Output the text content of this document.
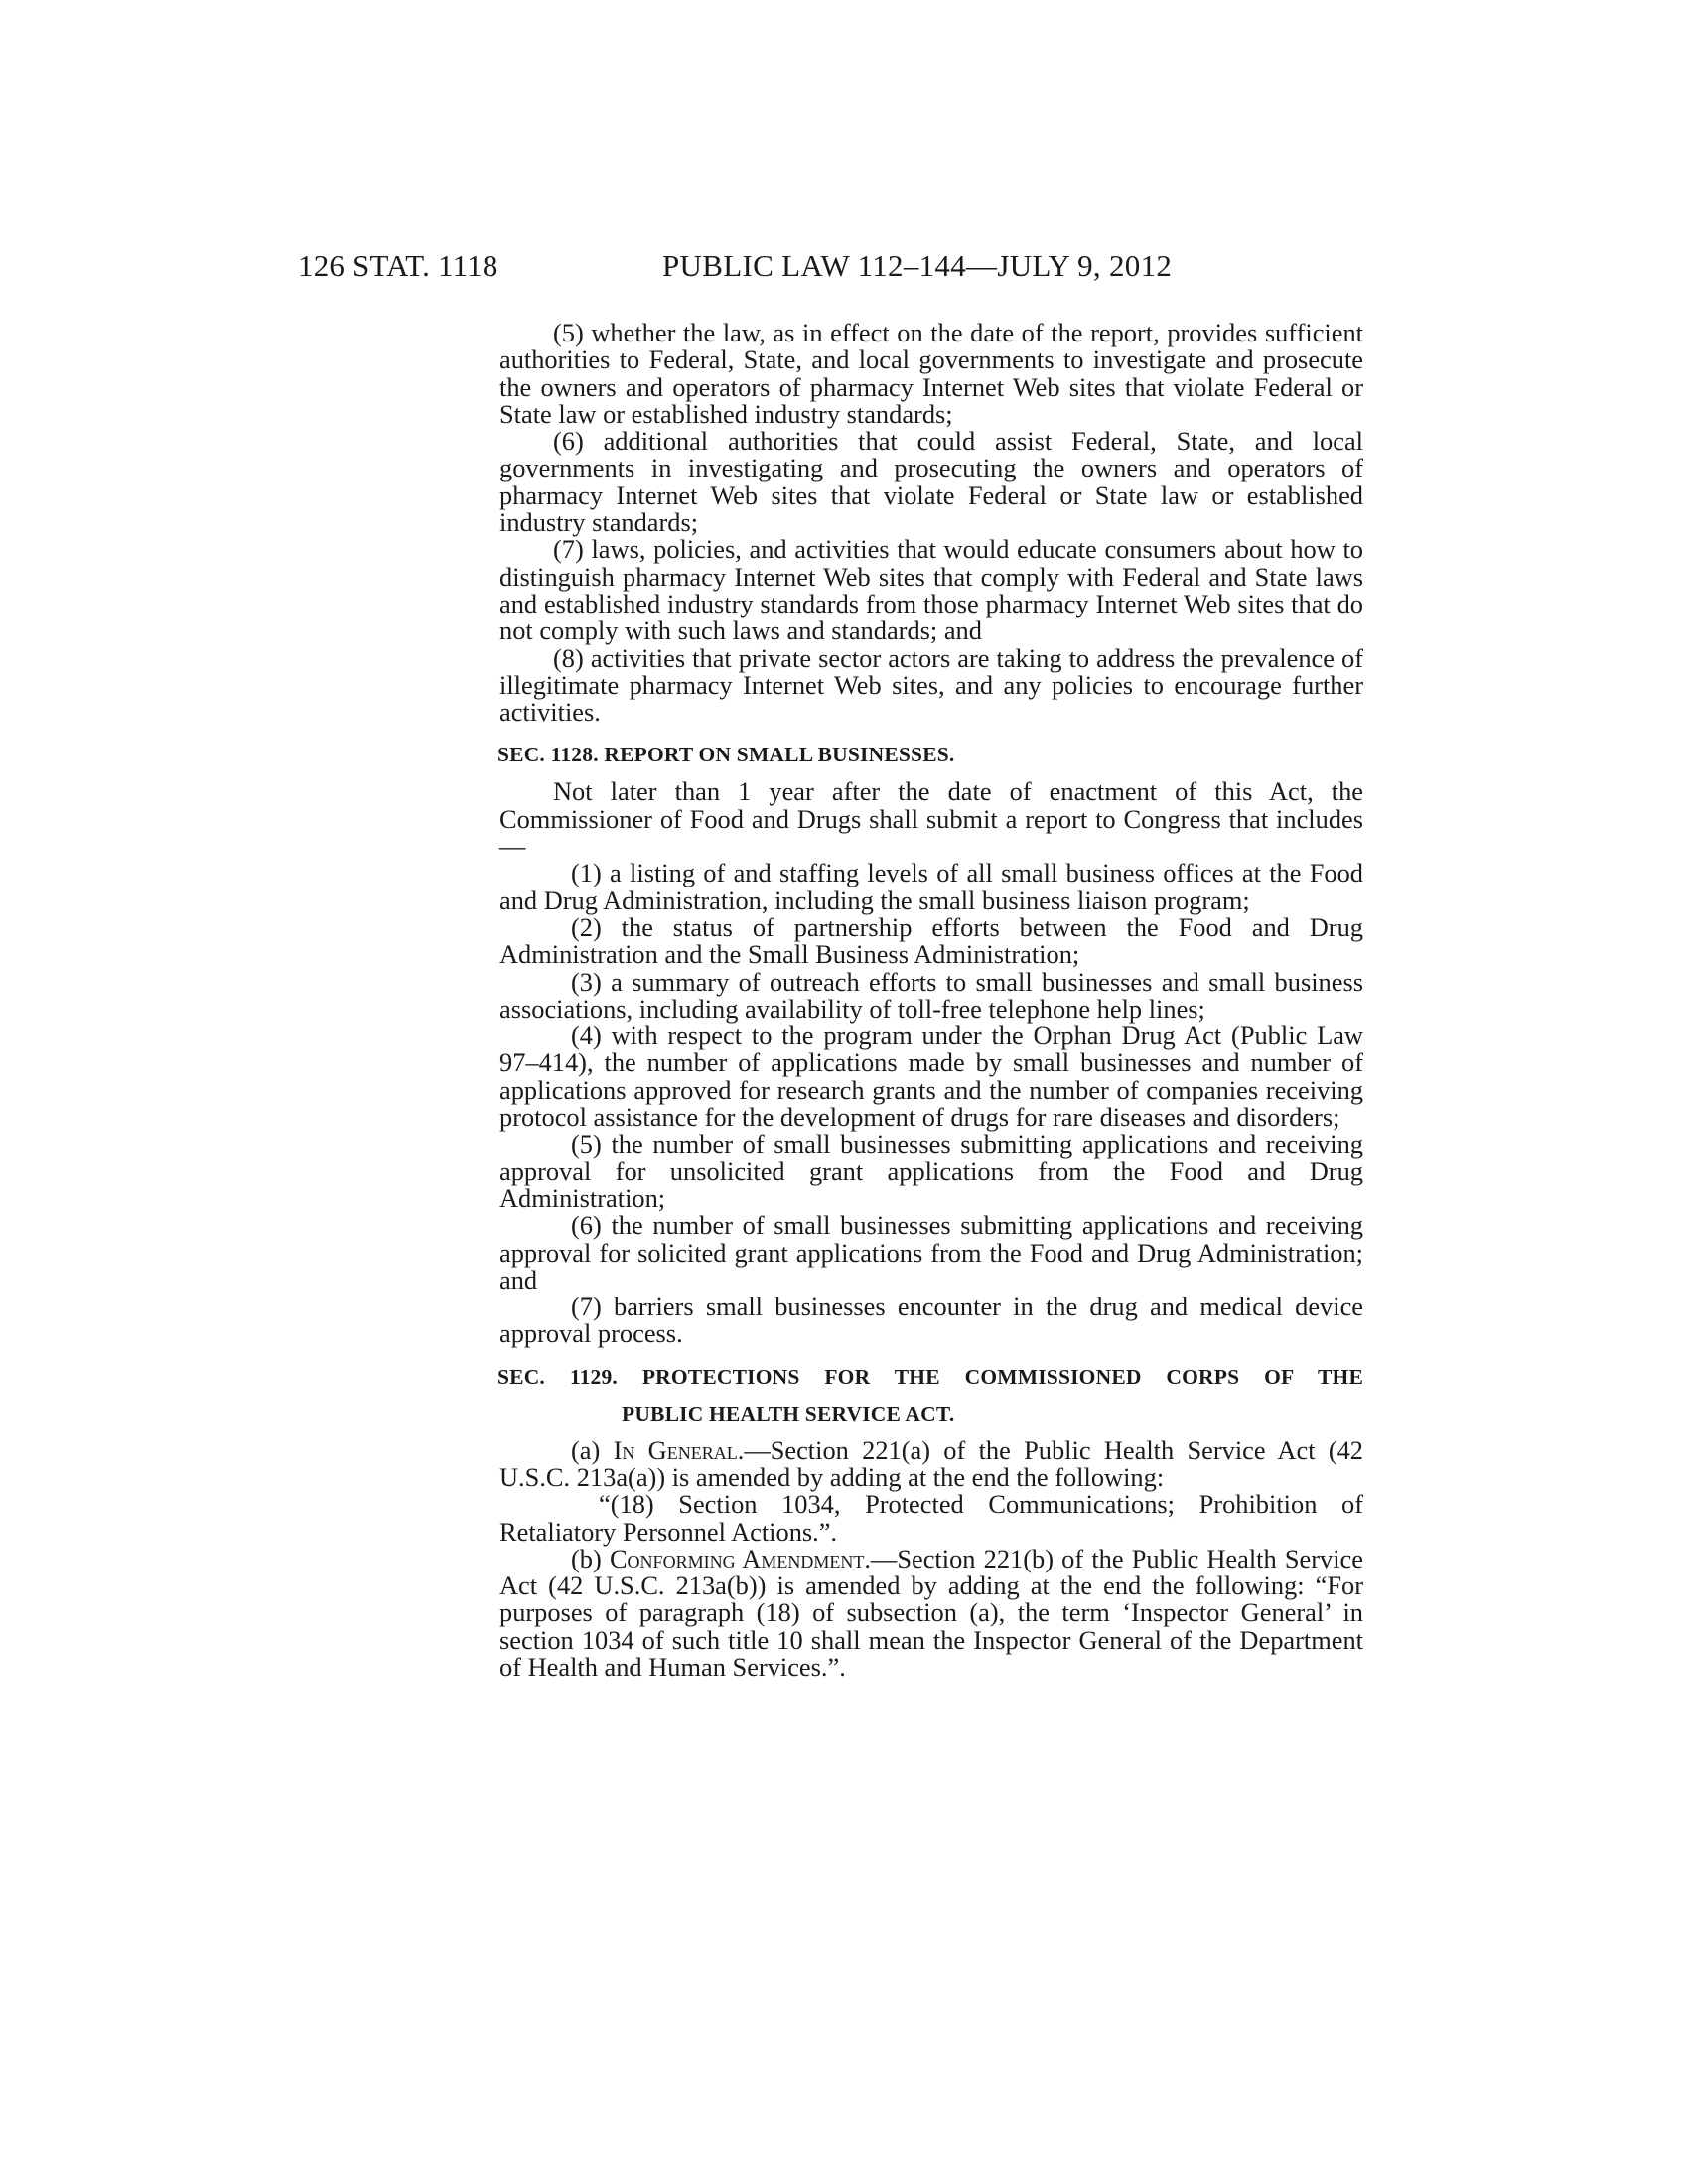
126 STAT. 1118	PUBLIC LAW 112–144—JULY 9, 2012

(5) whether the law, as in effect on the date of the report, provides sufficient authorities to Federal, State, and local governments to investigate and prosecute the owners and operators of pharmacy Internet Web sites that violate Federal or State law or established industry standards;

(6) additional authorities that could assist Federal, State, and local governments in investigating and prosecuting the owners and operators of pharmacy Internet Web sites that violate Federal or State law or established industry standards;

(7) laws, policies, and activities that would educate consumers about how to distinguish pharmacy Internet Web sites that comply with Federal and State laws and established industry standards from those pharmacy Internet Web sites that do not comply with such laws and standards; and

(8) activities that private sector actors are taking to address the prevalence of illegitimate pharmacy Internet Web sites, and any policies to encourage further activities.

SEC. 1128. REPORT ON SMALL BUSINESSES.

Not later than 1 year after the date of enactment of this Act, the Commissioner of Food and Drugs shall submit a report to Congress that includes—

(1) a listing of and staffing levels of all small business offices at the Food and Drug Administration, including the small business liaison program;

(2) the status of partnership efforts between the Food and Drug Administration and the Small Business Administration;

(3) a summary of outreach efforts to small businesses and small business associations, including availability of toll-free telephone help lines;

(4) with respect to the program under the Orphan Drug Act (Public Law 97–414), the number of applications made by small businesses and number of applications approved for research grants and the number of companies receiving protocol assistance for the development of drugs for rare diseases and disorders;

(5) the number of small businesses submitting applications and receiving approval for unsolicited grant applications from the Food and Drug Administration;

(6) the number of small businesses submitting applications and receiving approval for solicited grant applications from the Food and Drug Administration; and

(7) barriers small businesses encounter in the drug and medical device approval process.

SEC. 1129. PROTECTIONS FOR THE COMMISSIONED CORPS OF THE

PUBLIC HEALTH SERVICE ACT.

(a) In General.—Section 221(a) of the Public Health Service Act (42 U.S.C. 213a(a)) is amended by adding at the end the following:

“(18) Section 1034, Protected Communications; Prohibition of Retaliatory Personnel Actions.”.

(b) Conforming Amendment.—Section 221(b) of the Public Health Service Act (42 U.S.C. 213a(b)) is amended by adding at the end the following: “For purposes of paragraph (18) of subsection (a), the term ‘Inspector General’ in section 1034 of such title 10 shall mean the Inspector General of the Department of Health and Human Services.”.
